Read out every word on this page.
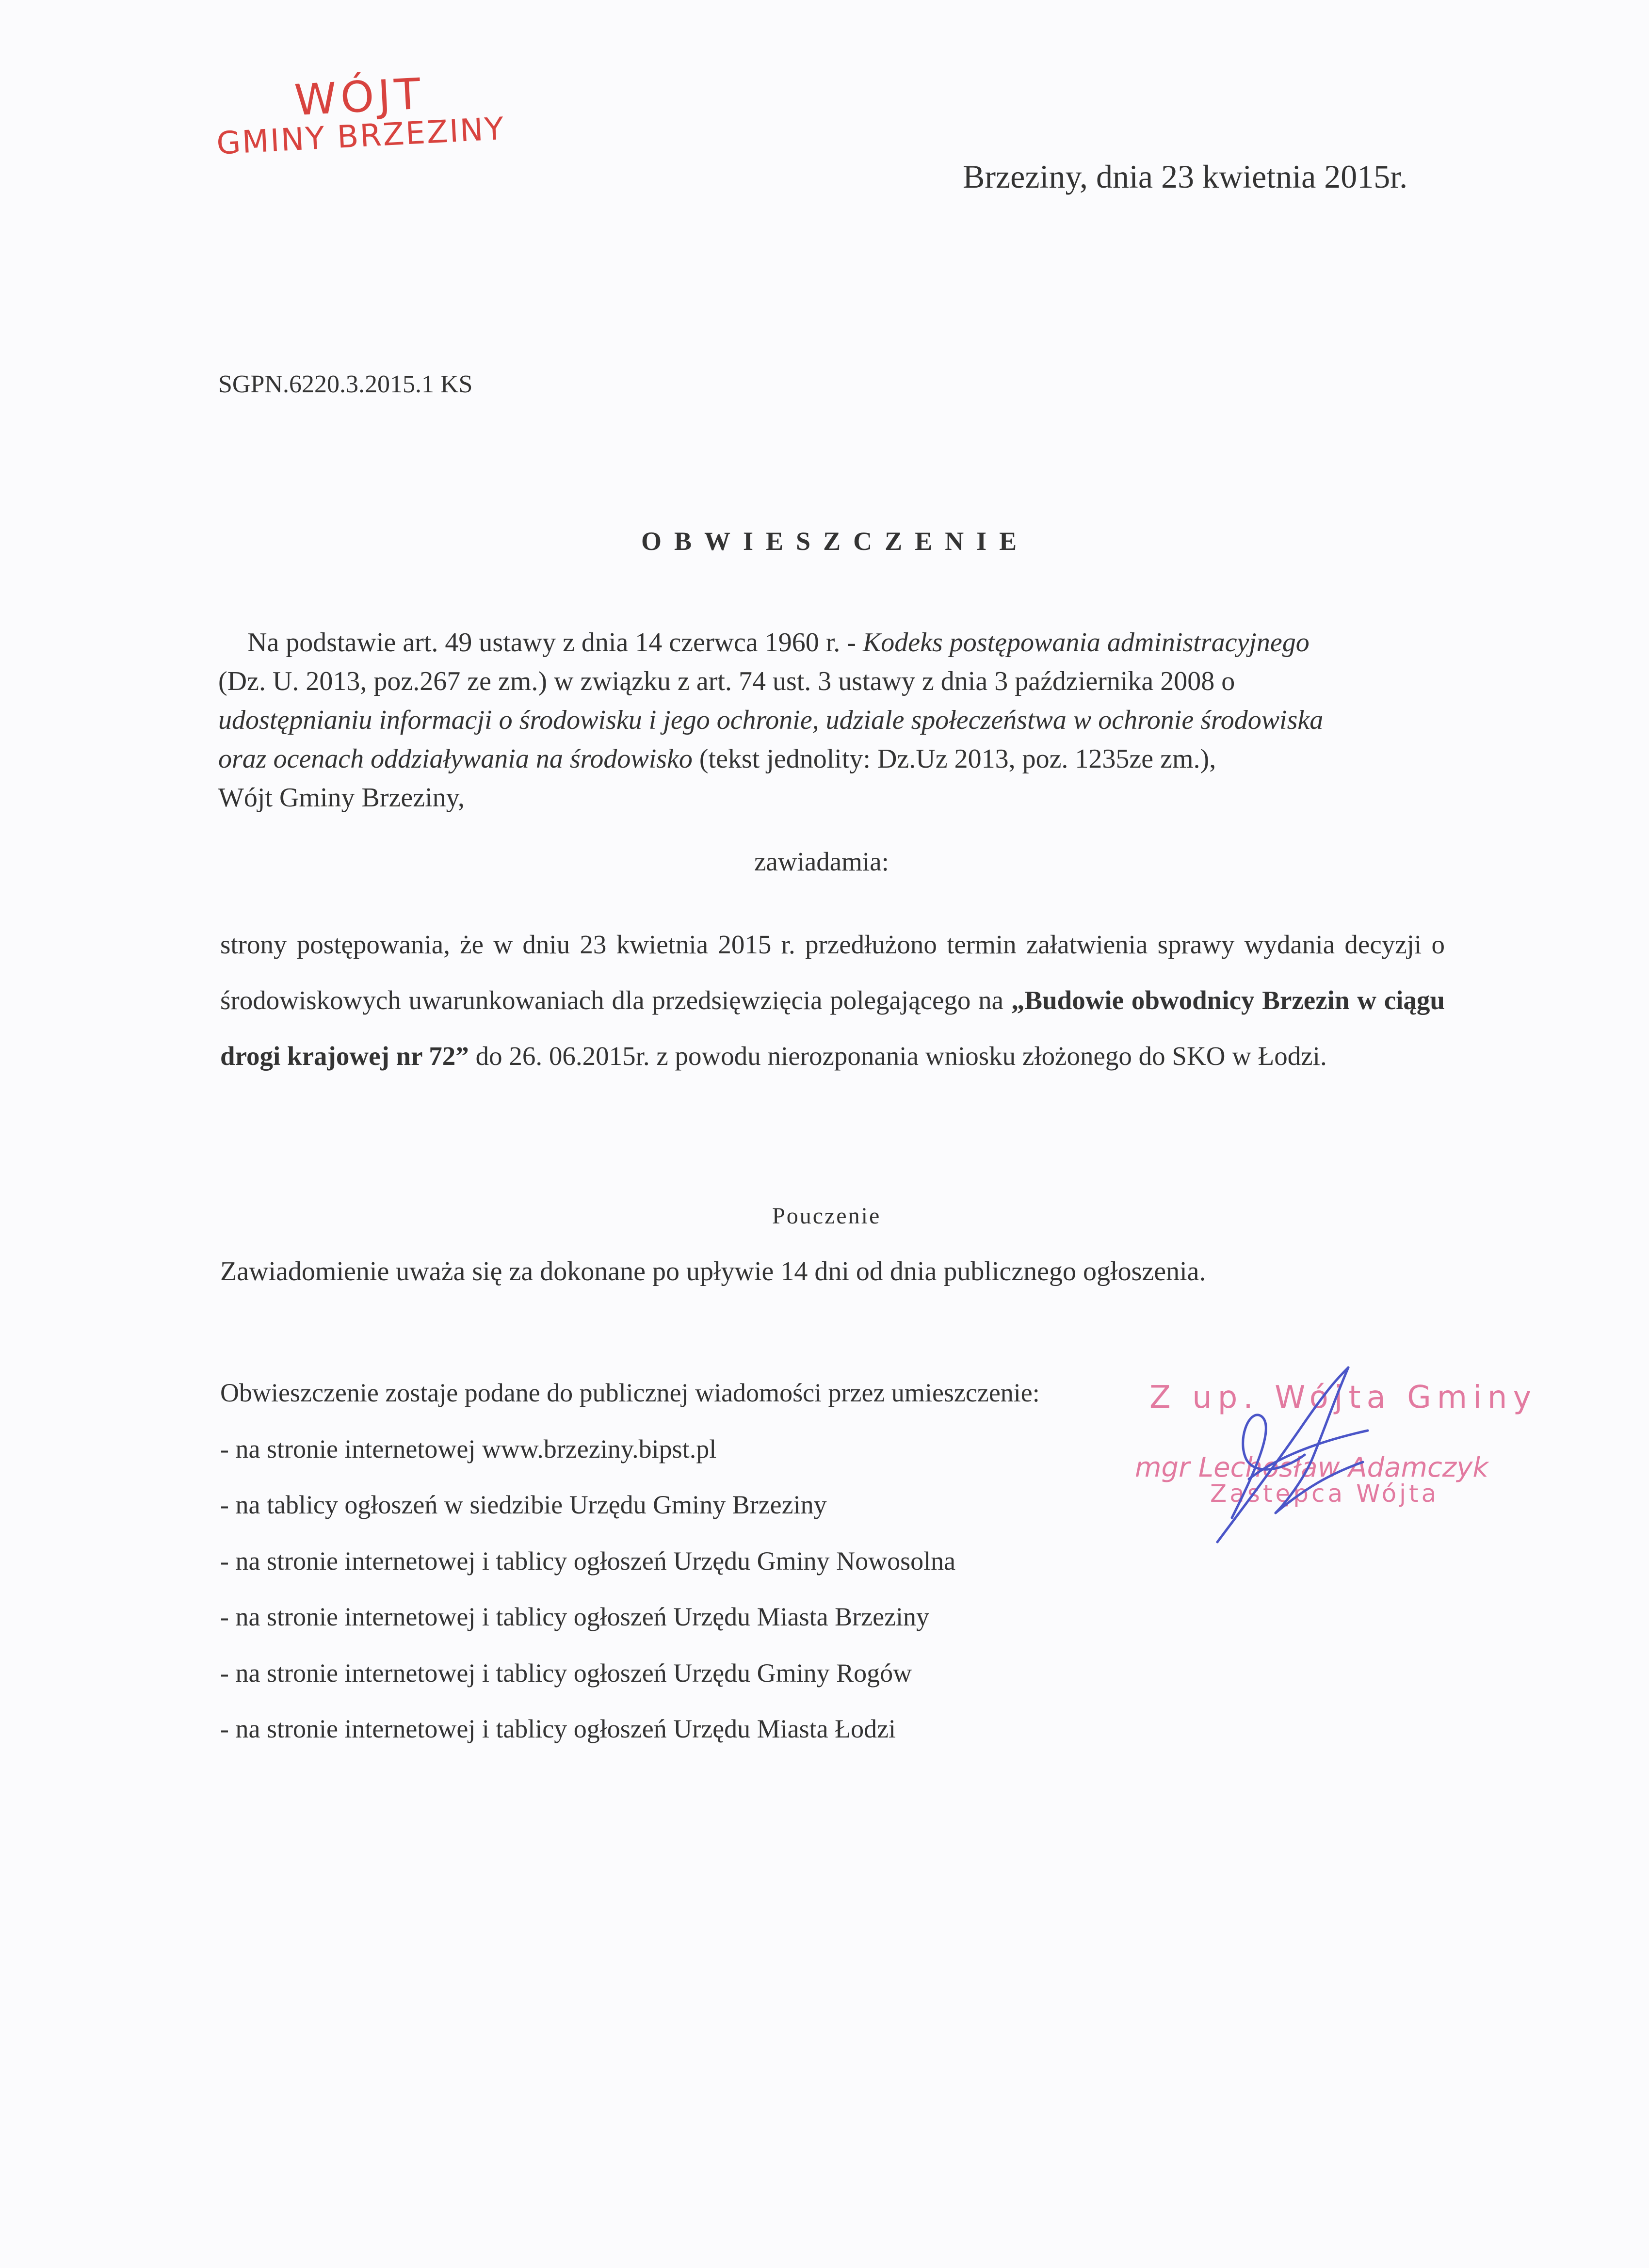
WÓJT
GMINY BRZEZINY
Brzeziny, dnia 23 kwietnia 2015r.
SGPN.6220.3.2015.1 KS
OBWIESZCZENIE

Na podstawie art. 49 ustawy z dnia 14 czerwca 1960 r. - Kodeks postępowania administracyjnego

(Dz. U. 2013, poz.267 ze zm.) w związku z art. 74 ust. 3 ustawy z dnia 3 października 2008 o

udostępnianiu informacji o środowisku i jego ochronie, udziale społeczeństwa w ochronie środowiska

oraz ocenach oddziaływania na środowisko (tekst jednolity: Dz.Uz 2013, poz. 1235ze zm.),

Wójt Gminy Brzeziny,

zawiadamia:
strony postępowania, że w dniu 23 kwietnia 2015 r. przedłużono termin załatwienia sprawy wydania decyzji o środowiskowych uwarunkowaniach dla przedsięwzięcia polegającego na „Budowie obwodnicy Brzezin w ciągu drogi krajowej nr 72” do 26. 06.2015r. z powodu nierozponania wniosku złożonego do SKO w Łodzi.
Pouczenie
Zawiadomienie uważa się za dokonane po upływie 14 dni od dnia publicznego ogłoszenia.
Obwieszczenie zostaje podane do publicznej wiadomości przez umieszczenie:
- na stronie internetowej www.brzeziny.bipst.pl
- na tablicy ogłoszeń w siedzibie Urzędu Gminy Brzeziny
- na stronie internetowej i tablicy ogłoszeń Urzędu Gminy Nowosolna
- na stronie internetowej i tablicy ogłoszeń Urzędu Miasta Brzeziny
- na stronie internetowej i tablicy ogłoszeń Urzędu Gminy Rogów
- na stronie internetowej i tablicy ogłoszeń Urzędu Miasta Łodzi
Z up. Wójta Gminy
mgr Lechosław Adamczyk
Zastępca Wójta
